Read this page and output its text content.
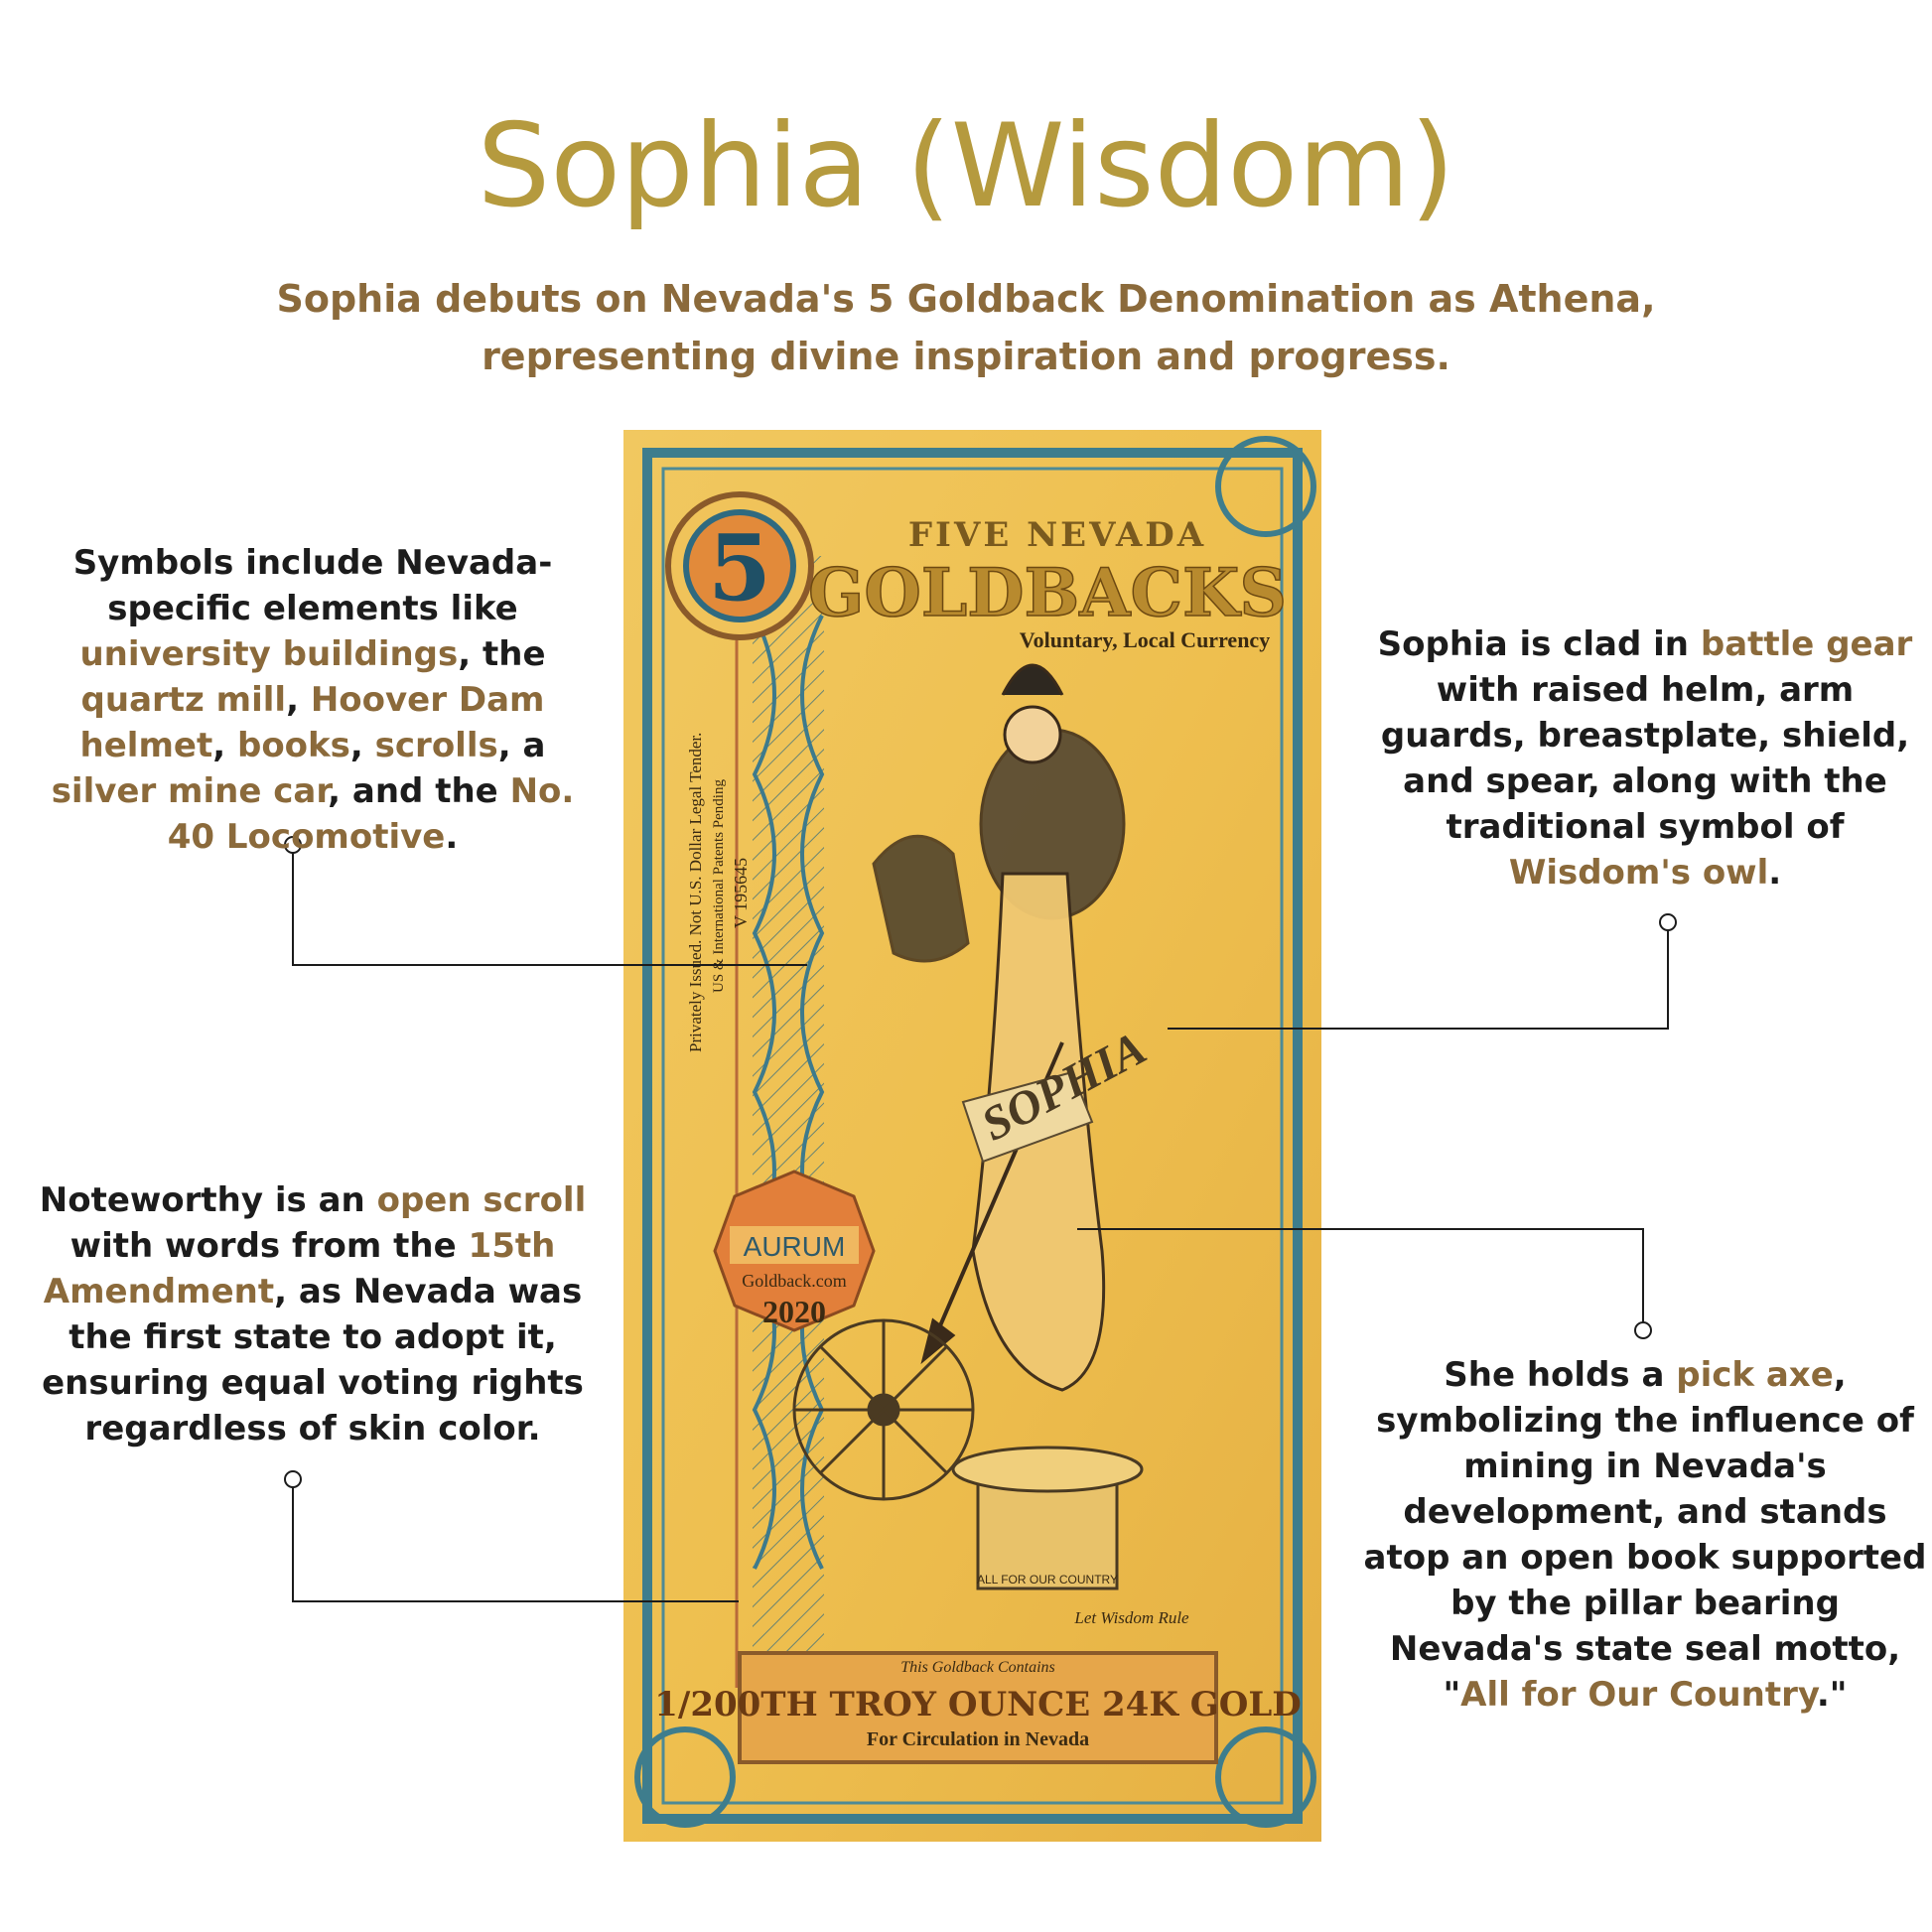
Sophia (Wisdom)
Sophia debuts on Nevada's 5 Goldback Denomination as Athena,
representing divine inspiration and progress.
5	FIVE NEVADA
GOLDBACKS
Voluntary, Local Currency
Privately Issued. Not U.S. Dollar Legal Tender. US & International Patents Pending V 195645
SOPHIA
ALL FOR OUR COUNTRY
Let Wisdom Rule
AURUM
Goldback.com
2020
This Goldback Contains
1/200TH TROY OUNCE 24K GOLD
For Circulation in Nevada
Symbols include Nevada-specific elements like university buildings, the quartz mill, Hoover Dam helmet, books, scrolls, a silver mine car, and the No. 40 Locomotive.
Sophia is clad in battle gear with raised helm, arm guards, breastplate, shield, and spear, along with the traditional symbol of Wisdom's owl.
Noteworthy is an open scroll with words from the 15th Amendment, as Nevada was the first state to adopt it, ensuring equal voting rights regardless of skin color.
She holds a pick axe, symbolizing the influence of mining in Nevada's development, and stands atop an open book supported by the pillar bearing Nevada's state seal motto, "All for Our Country."
